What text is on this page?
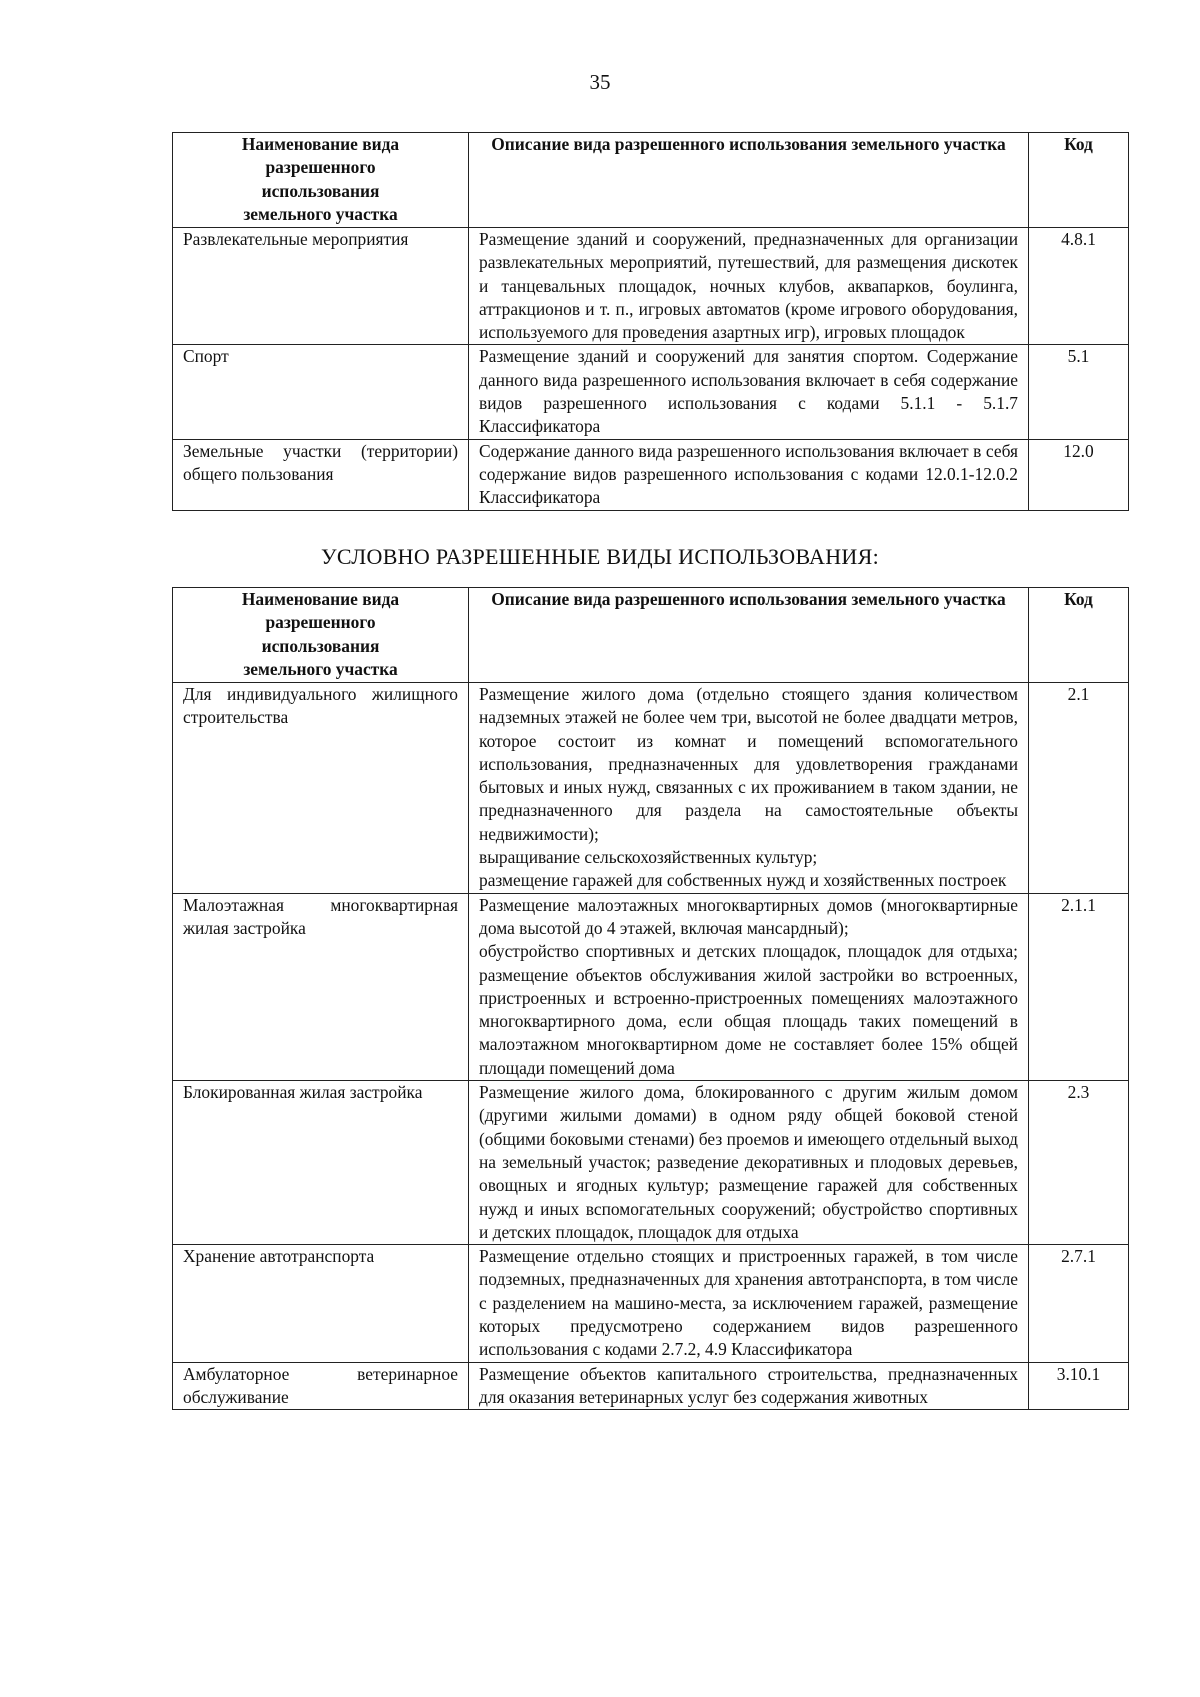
35
Наименование вида разрешенного использования земельного участка	Описание вида разрешенного использования земельного участка	Код
Развлекательные мероприятия	Размещение зданий и сооружений, предназначенных для организации развлекательных мероприятий, путешествий, для размещения дискотек и танцевальных площадок, ночных клубов, аквапарков, боулинга, аттракционов и т. п., игровых автоматов (кроме игрового оборудования, используемого для проведения азартных игр), игровых площадок	4.8.1
Спорт	Размещение зданий и сооружений для занятия спортом. Содержание данного вида разрешенного использования включает в себя содержание видов разрешенного использования с кодами 5.1.1 - 5.1.7 Классификатора	5.1
Земельные участки (территории) общего пользования	Содержание данного вида разрешенного использования включает в себя содержание видов разрешенного использования с кодами 12.0.1-12.0.2 Классификатора	12.0
УСЛОВНО РАЗРЕШЕННЫЕ ВИДЫ ИСПОЛЬЗОВАНИЯ:
Наименование вида разрешенного использования земельного участка	Описание вида разрешенного использования земельного участка	Код
Для индивидуального жилищного строительства	Размещение жилого дома (отдельно стоящего здания количеством надземных этажей не более чем три, высотой не более двадцати метров, которое состоит из комнат и помещений вспомогательного использования, предназначенных для удовлетворения гражданами бытовых и иных нужд, связанных с их проживанием в таком здании, не предназначенного для раздела на самостоятельные объекты недвижимости);
выращивание сельскохозяйственных культур;
размещение гаражей для собственных нужд и хозяйственных построек	2.1
Малоэтажная многоквартирная жилая застройка	Размещение малоэтажных многоквартирных домов (многоквартирные дома высотой до 4 этажей, включая мансардный);
обустройство спортивных и детских площадок, площадок для отдыха; размещение объектов обслуживания жилой застройки во встроенных, пристроенных и встроенно-пристроенных помещениях малоэтажного многоквартирного дома, если общая площадь таких помещений в малоэтажном многоквартирном доме не составляет более 15% общей площади помещений дома	2.1.1
Блокированная жилая застройка	Размещение жилого дома, блокированного с другим жилым домом (другими жилыми домами) в одном ряду общей боковой стеной (общими боковыми стенами) без проемов и имеющего отдельный выход на земельный участок; разведение декоративных и плодовых деревьев, овощных и ягодных культур; размещение гаражей для собственных нужд и иных вспомогательных сооружений; обустройство спортивных и детских площадок, площадок для отдыха	2.3
Хранение автотранспорта	Размещение отдельно стоящих и пристроенных гаражей, в том числе подземных, предназначенных для хранения автотранспорта, в том числе с разделением на машино-места, за исключением гаражей, размещение которых предусмотрено содержанием видов разрешенного использования с кодами 2.7.2, 4.9 Классификатора	2.7.1
Амбулаторное ветеринарное обслуживание	Размещение объектов капитального строительства, предназначенных для оказания ветеринарных услуг без содержания животных	3.10.1
